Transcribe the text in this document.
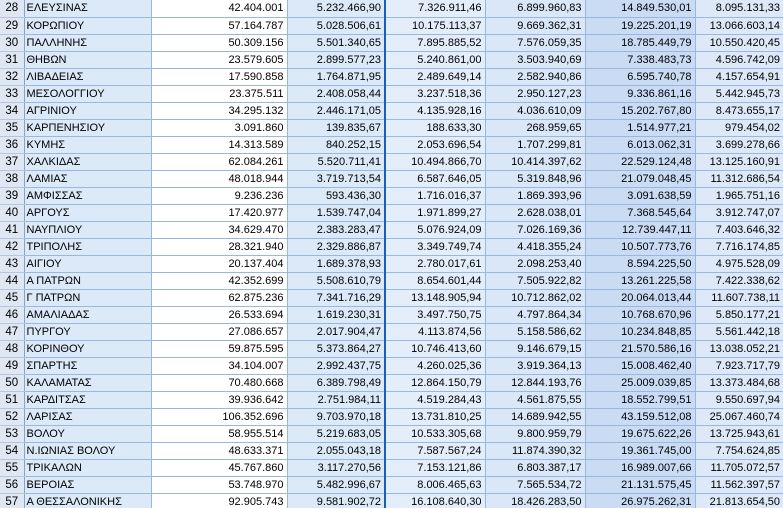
28	ΕΛΕΥΣΙΝΑΣ	42.404.001	5.232.466,90	7.326.911,46	6.899.960,83	14.849.530,01	8.095.131,33
29	ΚΟΡΩΠΙΟΥ	57.164.787	5.028.506,61	10.175.113,37	9.669.362,31	19.225.201,19	13.066.603,14
30	ΠΑΛΛΗΝΗΣ	50.309.156	5.501.340,65	7.895.885,52	7.576.059,35	18.785.449,79	10.550.420,45
31	ΘΗΒΩΝ	23.579.605	2.899.577,23	5.240.861,00	3.503.940,69	7.338.483,73	4.596.742,09
32	ΛΙΒΑΔΕΙΑΣ	17.590.858	1.764.871,95	2.489.649,14	2.582.940,86	6.595.740,78	4.157.654,91
33	ΜΕΣΟΛΟΓΓΙΟΥ	23.375.511	2.408.058,44	3.237.518,36	2.950.127,23	9.336.861,16	5.442.945,73
34	ΑΓΡΙΝΙΟΥ	34.295.132	2.446.171,05	4.135.928,16	4.036.610,09	15.202.767,80	8.473.655,17
35	ΚΑΡΠΕΝΗΣΙΟΥ	3.091.860	139.835,67	188.633,30	268.959,65	1.514.977,21	979.454,02
36	ΚΥΜΗΣ	14.313.589	840.252,15	2.053.696,54	1.707.299,81	6.013.062,31	3.699.278,66
37	ΧΑΛΚΙΔΑΣ	62.084.261	5.520.711,41	10.494.866,70	10.414.397,62	22.529.124,48	13.125.160,91
38	ΛΑΜΙΑΣ	48.018.944	3.719.713,54	6.587.646,05	5.319.848,96	21.079.048,45	11.312.686,54
39	ΑΜΦΙΣΣΑΣ	9.236.236	593.436,30	1.716.016,37	1.869.393,96	3.091.638,59	1.965.751,16
40	ΑΡΓΟΥΣ	17.420.977	1.539.747,04	1.971.899,27	2.628.038,01	7.368.545,64	3.912.747,07
41	ΝΑΥΠΛΙΟΥ	34.629.470	2.383.283,47	5.076.924,09	7.026.169,36	12.739.447,11	7.403.646,32
42	ΤΡΙΠΟΛΗΣ	28.321.940	2.329.886,87	3.349.749,74	4.418.355,24	10.507.773,76	7.716.174,85
43	ΑΙΓΙΟΥ	20.137.404	1.689.378,93	2.780.017,61	2.098.253,40	8.594.225,50	4.975.528,09
44	Α ΠΑΤΡΩΝ	42.352.699	5.508.610,79	8.654.601,44	7.505.922,82	13.261.225,58	7.422.338,62
45	Γ ΠΑΤΡΩΝ	62.875.236	7.341.716,29	13.148.905,94	10.712.862,02	20.064.013,44	11.607.738,11
46	ΑΜΑΛΙΑΔΑΣ	26.533.694	1.619.230,31	3.497.750,75	4.797.864,34	10.768.670,96	5.850.177,21
47	ΠΥΡΓΟΥ	27.086.657	2.017.904,47	4.113.874,56	5.158.586,62	10.234.848,85	5.561.442,18
48	ΚΟΡΙΝΘΟΥ	59.875.595	5.373.864,27	10.746.413,60	9.146.679,15	21.570.586,16	13.038.052,21
49	ΣΠΑΡΤΗΣ	34.104.007	2.992.437,75	4.260.025,36	3.919.364,13	15.008.462,40	7.923.717,79
50	ΚΑΛΑΜΑΤΑΣ	70.480.668	6.389.798,49	12.864.150,79	12.844.193,76	25.009.039,85	13.373.484,68
51	ΚΑΡΔΙΤΣΑΣ	39.936.642	2.751.984,11	4.519.284,43	4.561.875,55	18.552.799,51	9.550.697,94
52	ΛΑΡΙΣΑΣ	106.352.696	9.703.970,18	13.731.810,25	14.689.942,55	43.159.512,08	25.067.460,74
53	ΒΟΛΟΥ	58.955.514	5.219.683,05	10.533.305,68	9.800.959,79	19.675.622,26	13.725.943,61
54	Ν.ΙΩΝΙΑΣ ΒΟΛΟΥ	48.633.371	2.055.043,18	7.587.567,24	11.874.390,32	19.361.745,00	7.754.624,85
55	ΤΡΙΚΑΛΩΝ	45.767.860	3.117.270,56	7.153.121,86	6.803.387,17	16.989.007,66	11.705.072,57
56	ΒΕΡΟΙΑΣ	53.748.970	5.482.996,67	8.006.465,63	7.565.534,72	21.131.575,45	11.562.397,57
57	Α ΘΕΣΣΑΛΟΝΙΚΗΣ	92.905.743	9.581.902,72	16.108.640,30	18.426.283,50	26.975.262,31	21.813.654,50
